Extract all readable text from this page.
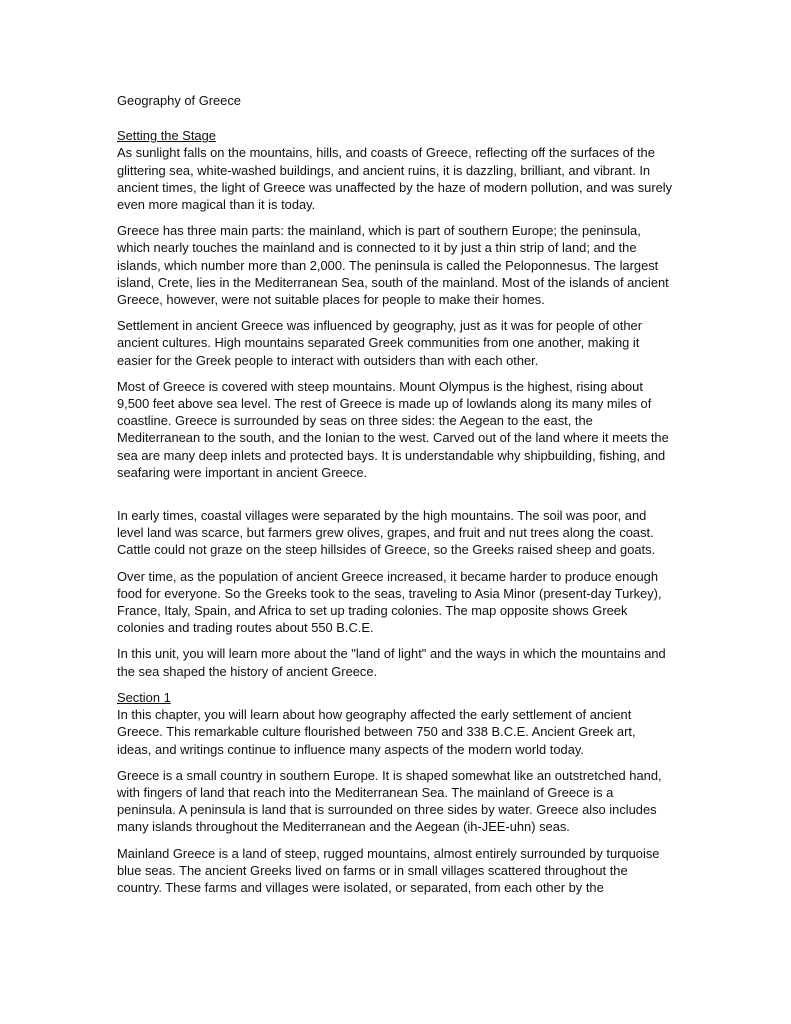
Geography of Greece
Setting the Stage

As sunlight falls on the mountains, hills, and coasts of Greece, reflecting off the surfaces of the glittering sea, white-washed buildings, and ancient ruins, it is dazzling, brilliant, and vibrant. In ancient times, the light of Greece was unaffected by the haze of modern pollution, and was surely even more magical than it is today.

Greece has three main parts: the mainland, which is part of southern Europe; the peninsula, which nearly touches the mainland and is connected to it by just a thin strip of land; and the islands, which number more than 2,000. The peninsula is called the Peloponnesus. The largest island, Crete, lies in the Mediterranean Sea, south of the mainland. Most of the islands of ancient Greece, however, were not suitable places for people to make their homes.

Settlement in ancient Greece was influenced by geography, just as it was for people of other ancient cultures. High mountains separated Greek communities from one another, making it easier for the Greek people to interact with outsiders than with each other.

Most of Greece is covered with steep mountains. Mount Olympus is the highest, rising about 9,500 feet above sea level. The rest of Greece is made up of lowlands along its many miles of coastline. Greece is surrounded by seas on three sides: the Aegean to the east, the Mediterranean to the south, and the Ionian to the west. Carved out of the land where it meets the sea are many deep inlets and protected bays. It is understandable why shipbuilding, fishing, and seafaring were important in ancient Greece.

In early times, coastal villages were separated by the high mountains. The soil was poor, and level land was scarce, but farmers grew olives, grapes, and fruit and nut trees along the coast. Cattle could not graze on the steep hillsides of Greece, so the Greeks raised sheep and goats.

Over time, as the population of ancient Greece increased, it became harder to produce enough food for everyone. So the Greeks took to the seas, traveling to Asia Minor (present-day Turkey), France, Italy, Spain, and Africa to set up trading colonies. The map opposite shows Greek colonies and trading routes about 550 B.C.E.

In this unit, you will learn more about the "land of light" and the ways in which the mountains and the sea shaped the history of ancient Greece.

Section 1

In this chapter, you will learn about how geography affected the early settlement of ancient Greece. This remarkable culture flourished between 750 and 338 B.C.E. Ancient Greek art, ideas, and writings continue to influence many aspects of the modern world today.

Greece is a small country in southern Europe. It is shaped somewhat like an outstretched hand, with fingers of land that reach into the Mediterranean Sea. The mainland of Greece is a peninsula. A peninsula is land that is surrounded on three sides by water. Greece also includes many islands throughout the Mediterranean and the Aegean (ih-JEE-uhn) seas.

Mainland Greece is a land of steep, rugged mountains, almost entirely surrounded by turquoise blue seas. The ancient Greeks lived on farms or in small villages scattered throughout the country. These farms and villages were isolated, or separated, from each other by the
